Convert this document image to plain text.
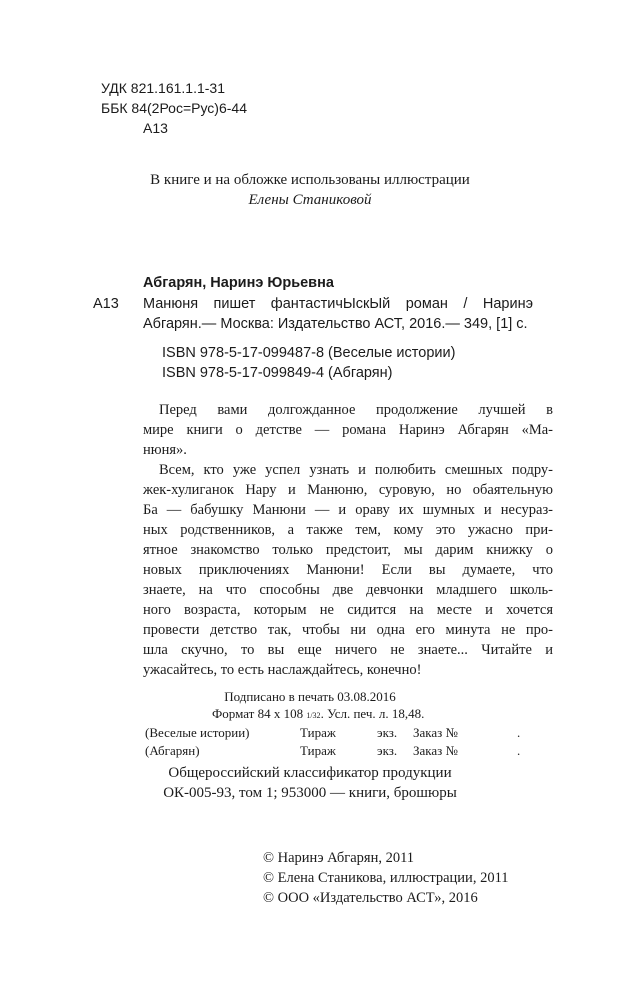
УДК 821.161.1.1-31
ББК 84(2Рос=Рус)6-44
А13
В книге и на обложке использованы иллюстрации
Елены Станиковой
Абгарян, Наринэ Юрьевна
А13 Манюня пишет фантастичЫскЫй роман / Наринэ
Абгарян.— Москва: Издательство АСТ, 2016.— 349, [1] с.
ISBN 978-5-17-099487-8 (Веселые истории)
ISBN 978-5-17-099849-4 (Абгарян)
Перед вами долгожданное продолжение лучшей в
мире книги о детстве — романа Наринэ Абгарян «Ма-
нюня».
Всем, кто уже успел узнать и полюбить смешных подру-
жек-хулиганок Нару и Манюню, суровую, но обаятельную
Ба — бабушку Манюни — и ораву их шумных и несураз-
ных родственников, а также тем, кому это ужасно при-
ятное знакомство только предстоит, мы дарим книжку о
новых приключениях Манюни! Если вы думаете, что
знаете, на что способны две девчонки младшего школь-
ного возраста, которым не сидится на месте и хочется
провести детство так, чтобы ни одна его минута не про-
шла скучно, то вы еще ничего не знаете... Читайте и
ужасайтесь, то есть наслаждайтесь, конечно!
Подписано в печать 03.08.2016
Формат 84 x 108 1/32. Усл. печ. л. 18,48.
(Веселые истории)	Тираж	экз. Заказ №	.
(Абгарян)	Тираж	экз. Заказ №	.
Общероссийский классификатор продукции
ОК-005-93, том 1; 953000 — книги, брошюры
© Наринэ Абгарян, 2011
© Елена Станикова, иллюстрации, 2011
© ООО «Издательство АСТ», 2016
